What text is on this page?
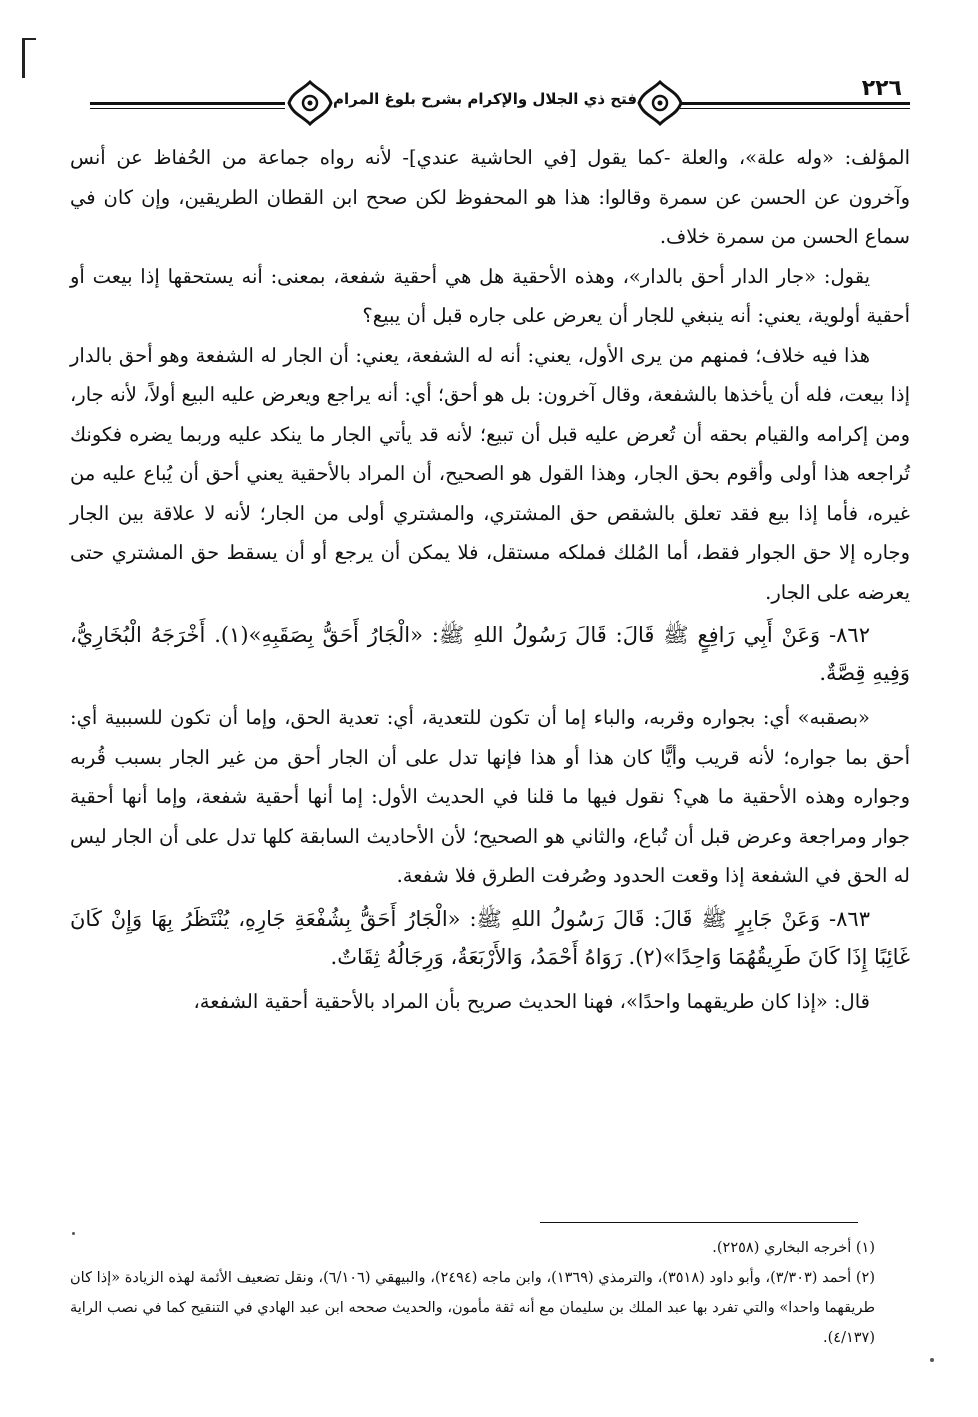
٢٢٦
فتح ذي الجلال والإكرام بشرح بلوغ المرام

المؤلف: «وله علة»، والعلة -كما يقول [في الحاشية عندي]- لأنه رواه جماعة من الحُفاظ عن أنس وآخرون عن الحسن عن سمرة وقالوا: هذا هو المحفوظ لكن صحح ابن القطان الطريقين، وإن كان في سماع الحسن من سمرة خلاف.

يقول: «جار الدار أحق بالدار»، وهذه الأحقية هل هي أحقية شفعة، بمعنى: أنه يستحقها إذا بيعت أو أحقية أولوية، يعني: أنه ينبغي للجار أن يعرض على جاره قبل أن يبيع؟

هذا فيه خلاف؛ فمنهم من يرى الأول، يعني: أنه له الشفعة، يعني: أن الجار له الشفعة وهو أحق بالدار إذا بيعت، فله أن يأخذها بالشفعة، وقال آخرون: بل هو أحق؛ أي: أنه يراجع ويعرض عليه البيع أولاً، لأنه جار، ومن إكرامه والقيام بحقه أن تُعرض عليه قبل أن تبيع؛ لأنه قد يأتي الجار ما ينكد عليه وربما يضره فكونك تُراجعه هذا أولى وأقوم بحق الجار، وهذا القول هو الصحيح، أن المراد بالأحقية يعني أحق أن يُباع عليه من غيره، فأما إذا بيع فقد تعلق بالشقص حق المشتري، والمشتري أولى من الجار؛ لأنه لا علاقة بين الجار وجاره إلا حق الجوار فقط، أما المُلك فملكه مستقل، فلا يمكن أن يرجع أو أن يسقط حق المشتري حتى يعرضه على الجار.

٨٦٢- وَعَنْ أَبِي رَافِعٍ ﷺ قَالَ: قَالَ رَسُولُ اللهِ ﷺ: «الْجَارُ أَحَقُّ بِصَقَبِهِ»(١). أَخْرَجَهُ الْبُخَارِيُّ، وَفِيهِ قِصَّةٌ.

«بصقبه» أي: بجواره وقربه، والباء إما أن تكون للتعدية، أي: تعدية الحق، وإما أن تكون للسببية أي: أحق بما جواره؛ لأنه قريب وأيًّا كان هذا أو هذا فإنها تدل على أن الجار أحق من غير الجار بسبب قُربه وجواره وهذه الأحقية ما هي؟ نقول فيها ما قلنا في الحديث الأول: إما أنها أحقية شفعة، وإما أنها أحقية جوار ومراجعة وعرض قبل أن تُباع، والثاني هو الصحيح؛ لأن الأحاديث السابقة كلها تدل على أن الجار ليس له الحق في الشفعة إذا وقعت الحدود وصُرفت الطرق فلا شفعة.

٨٦٣- وَعَنْ جَابِرٍ ﷺ قَالَ: قَالَ رَسُولُ اللهِ ﷺ: «الْجَارُ أَحَقُّ بِشُفْعَةِ جَارِهِ، يُنْتَظَرُ بِهَا وَإِنْ كَانَ غَائِبًا إِذَا كَانَ طَرِيقُهُمَا وَاحِدًا»(٢). رَوَاهُ أَحْمَدُ، وَالأَرْبَعَةُ، وَرِجَالُهُ ثِقَاتٌ.

قال: «إذا كان طريقهما واحدًا»، فهنا الحديث صريح بأن المراد بالأحقية أحقية الشفعة،

(١) أخرجه البخاري (٢٢٥٨).

(٢) أحمد (٣/٣٠٣)، وأبو داود (٣٥١٨)، والترمذي (١٣٦٩)، وابن ماجه (٢٤٩٤)، والبيهقي (٦/١٠٦)، ونقل تضعيف الأئمة لهذه الزيادة «إذا كان طريقهما واحدا» والتي تفرد بها عبد الملك بن سليمان مع أنه ثقة مأمون، والحديث صححه ابن عبد الهادي في التنقيح كما في نصب الراية (٤/١٣٧).
